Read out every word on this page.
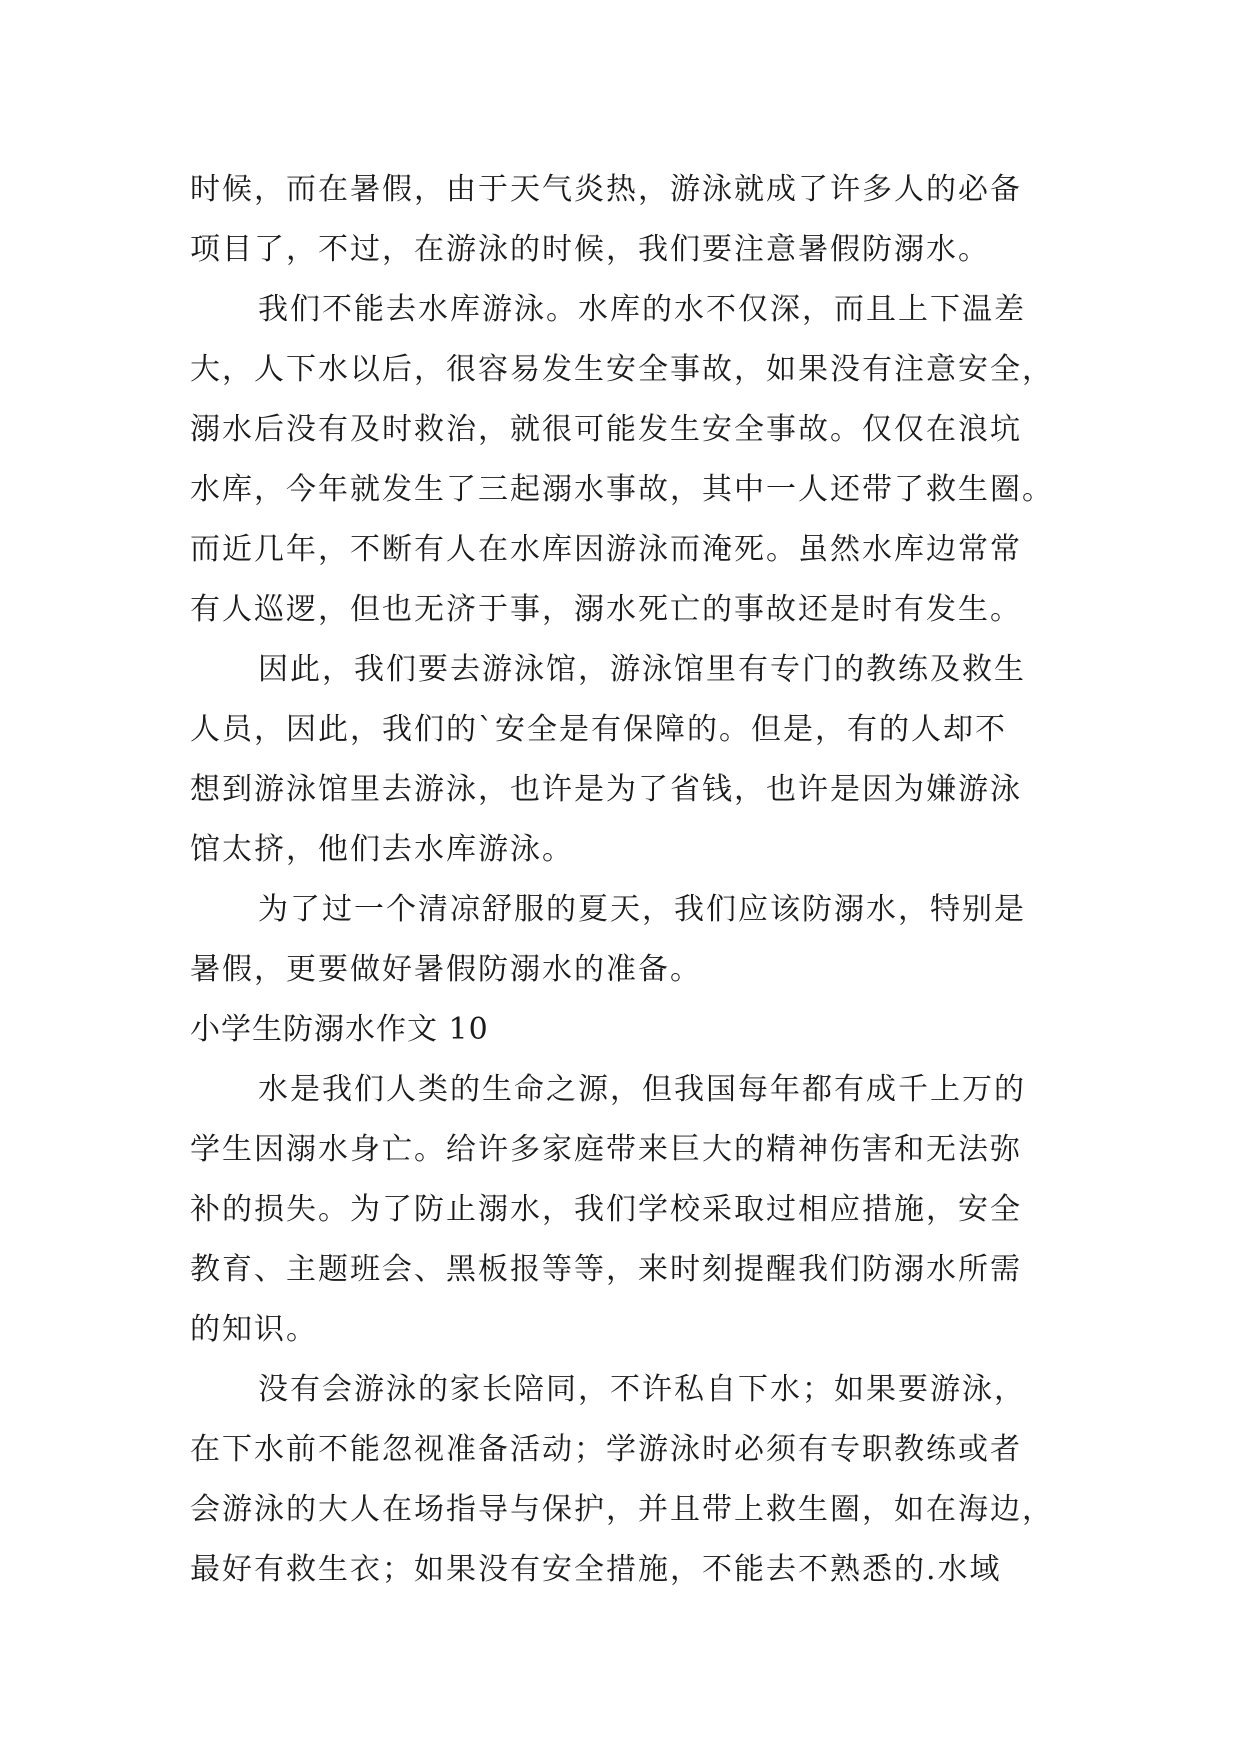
时候，而在暑假，由于天气炎热，游泳就成了许多人的必备
项目了，不过，在游泳的时候，我们要注意暑假防溺水。
我们不能去水库游泳。水库的水不仅深，而且上下温差
大，人下水以后，很容易发生安全事故，如果没有注意安全，
溺水后没有及时救治，就很可能发生安全事故。仅仅在浪坑
水库，今年就发生了三起溺水事故，其中一人还带了救生圈。
而近几年，不断有人在水库因游泳而淹死。虽然水库边常常
有人巡逻，但也无济于事，溺水死亡的事故还是时有发生。
因此，我们要去游泳馆，游泳馆里有专门的教练及救生
人员，因此，我们的`安全是有保障的。但是，有的人却不
想到游泳馆里去游泳，也许是为了省钱，也许是因为嫌游泳
馆太挤，他们去水库游泳。
为了过一个清凉舒服的夏天，我们应该防溺水，特别是
暑假，更要做好暑假防溺水的准备。
小学生防溺水作文 10
水是我们人类的生命之源，但我国每年都有成千上万的
学生因溺水身亡。给许多家庭带来巨大的精神伤害和无法弥
补的损失。为了防止溺水，我们学校采取过相应措施，安全
教育、主题班会、黑板报等等，来时刻提醒我们防溺水所需
的知识。
没有会游泳的家长陪同，不许私自下水；如果要游泳，
在下水前不能忽视准备活动；学游泳时必须有专职教练或者
会游泳的大人在场指导与保护，并且带上救生圈，如在海边，
最好有救生衣；如果没有安全措施，不能去不熟悉的.水域
